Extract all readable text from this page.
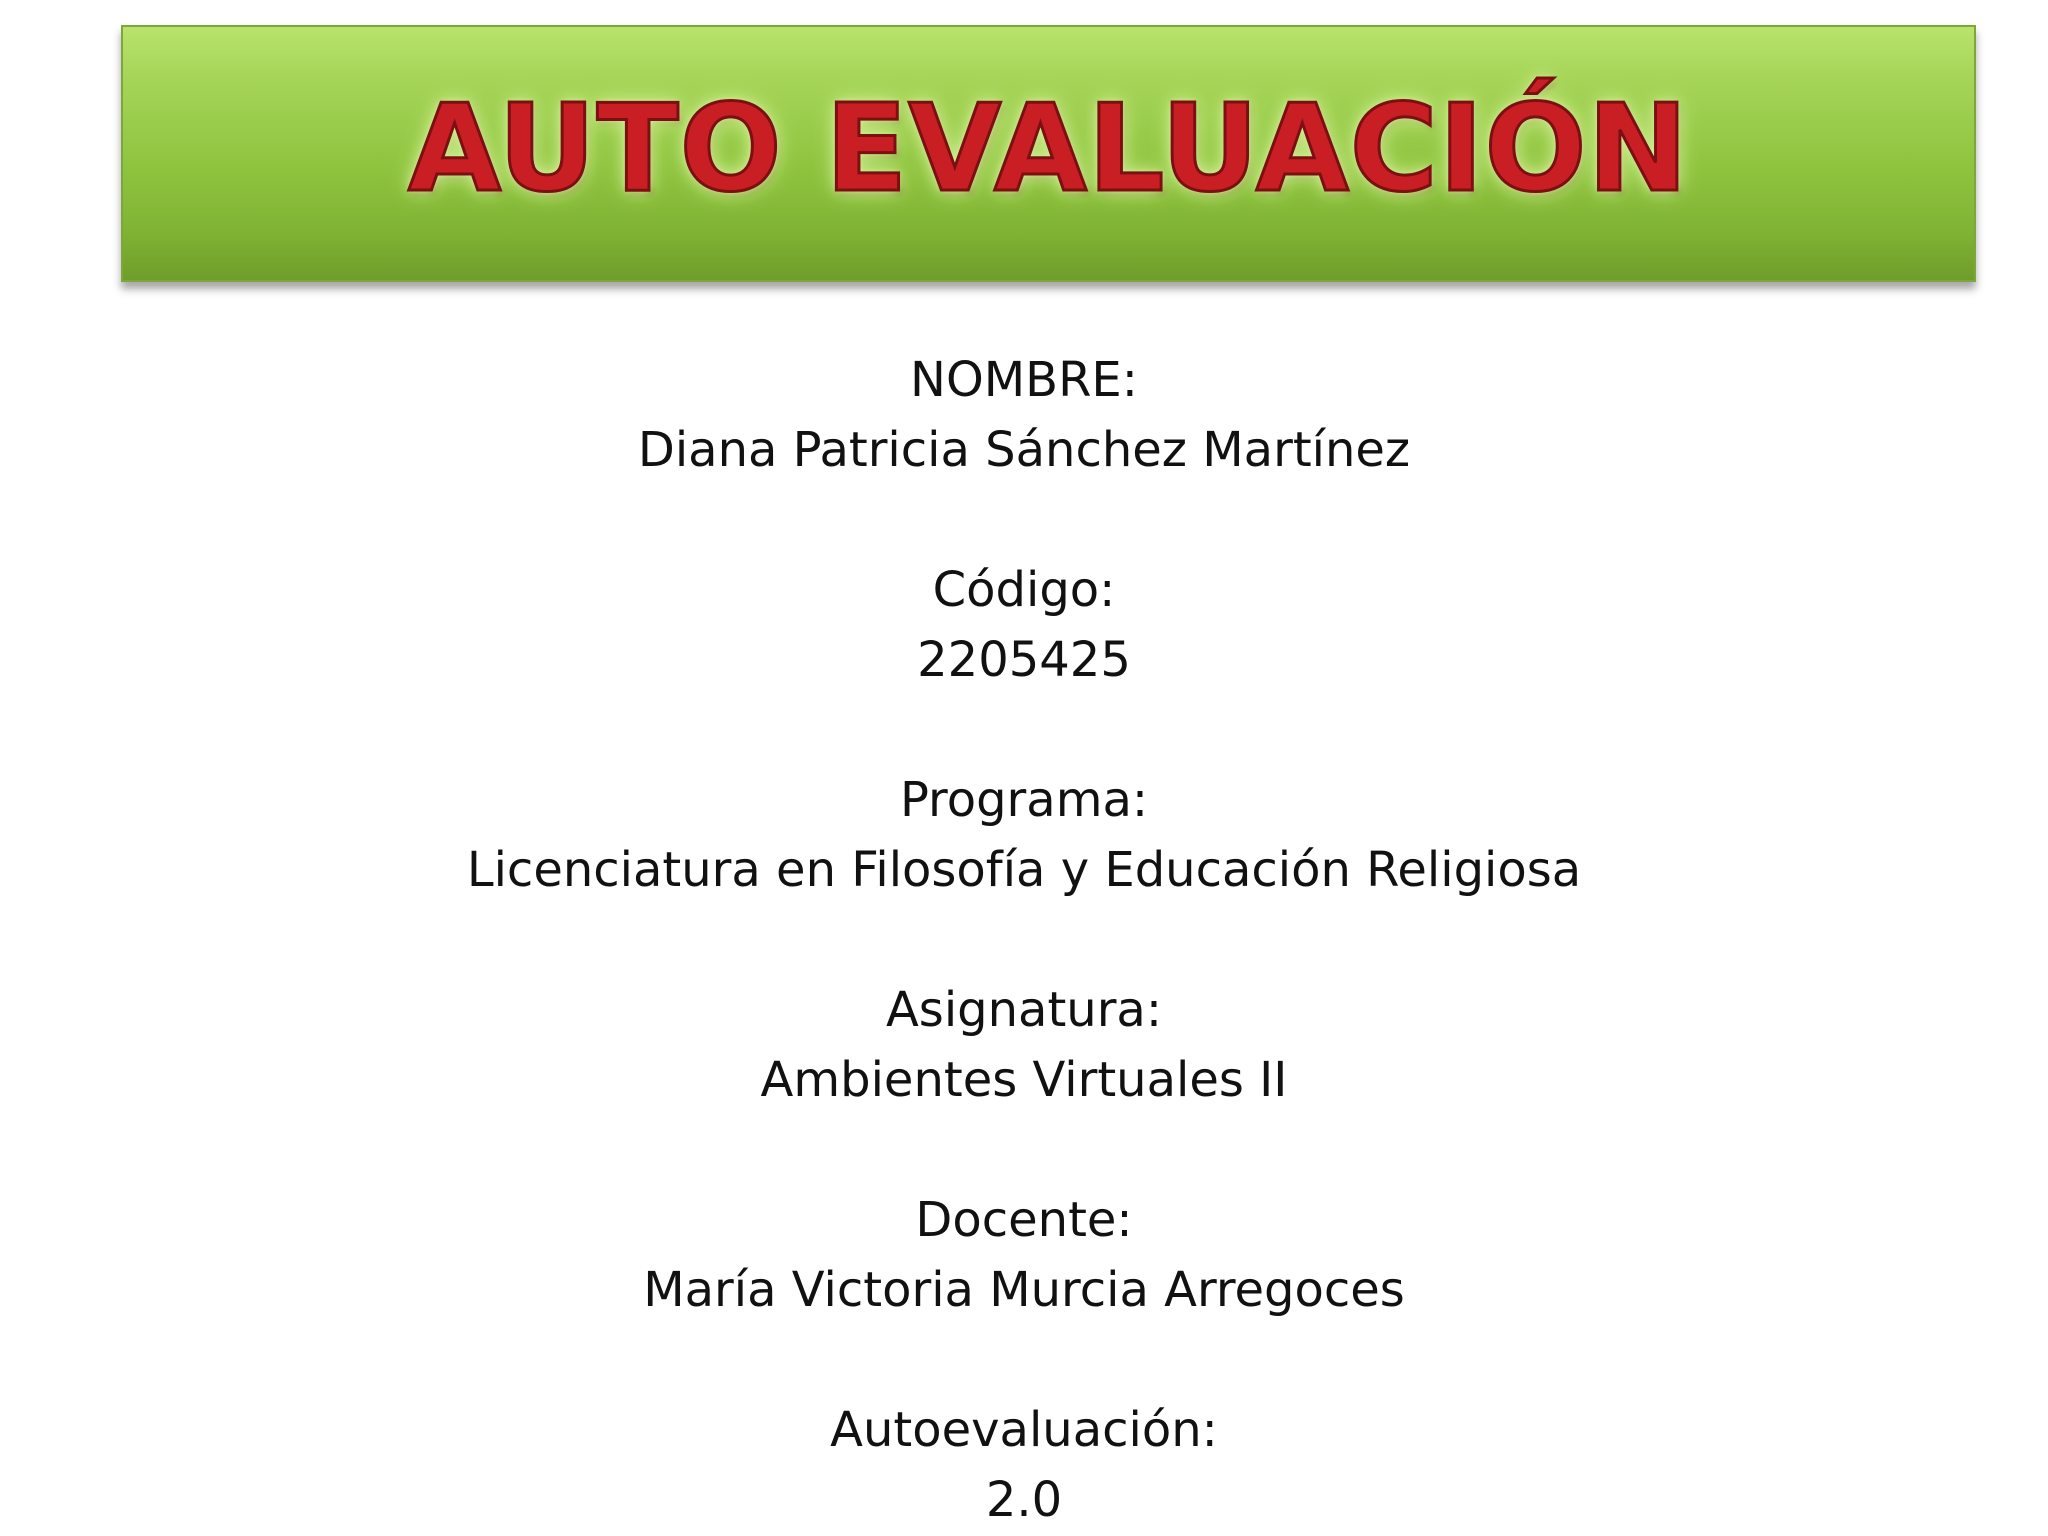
AUTO EVALUACIÓN
NOMBRE:
Diana Patricia Sánchez Martínez
Código:
2205425
Programa:
Licenciatura en Filosofía y Educación Religiosa
Asignatura:
Ambientes Virtuales II
Docente:
María Victoria Murcia Arregoces
Autoevaluación:
2.0
